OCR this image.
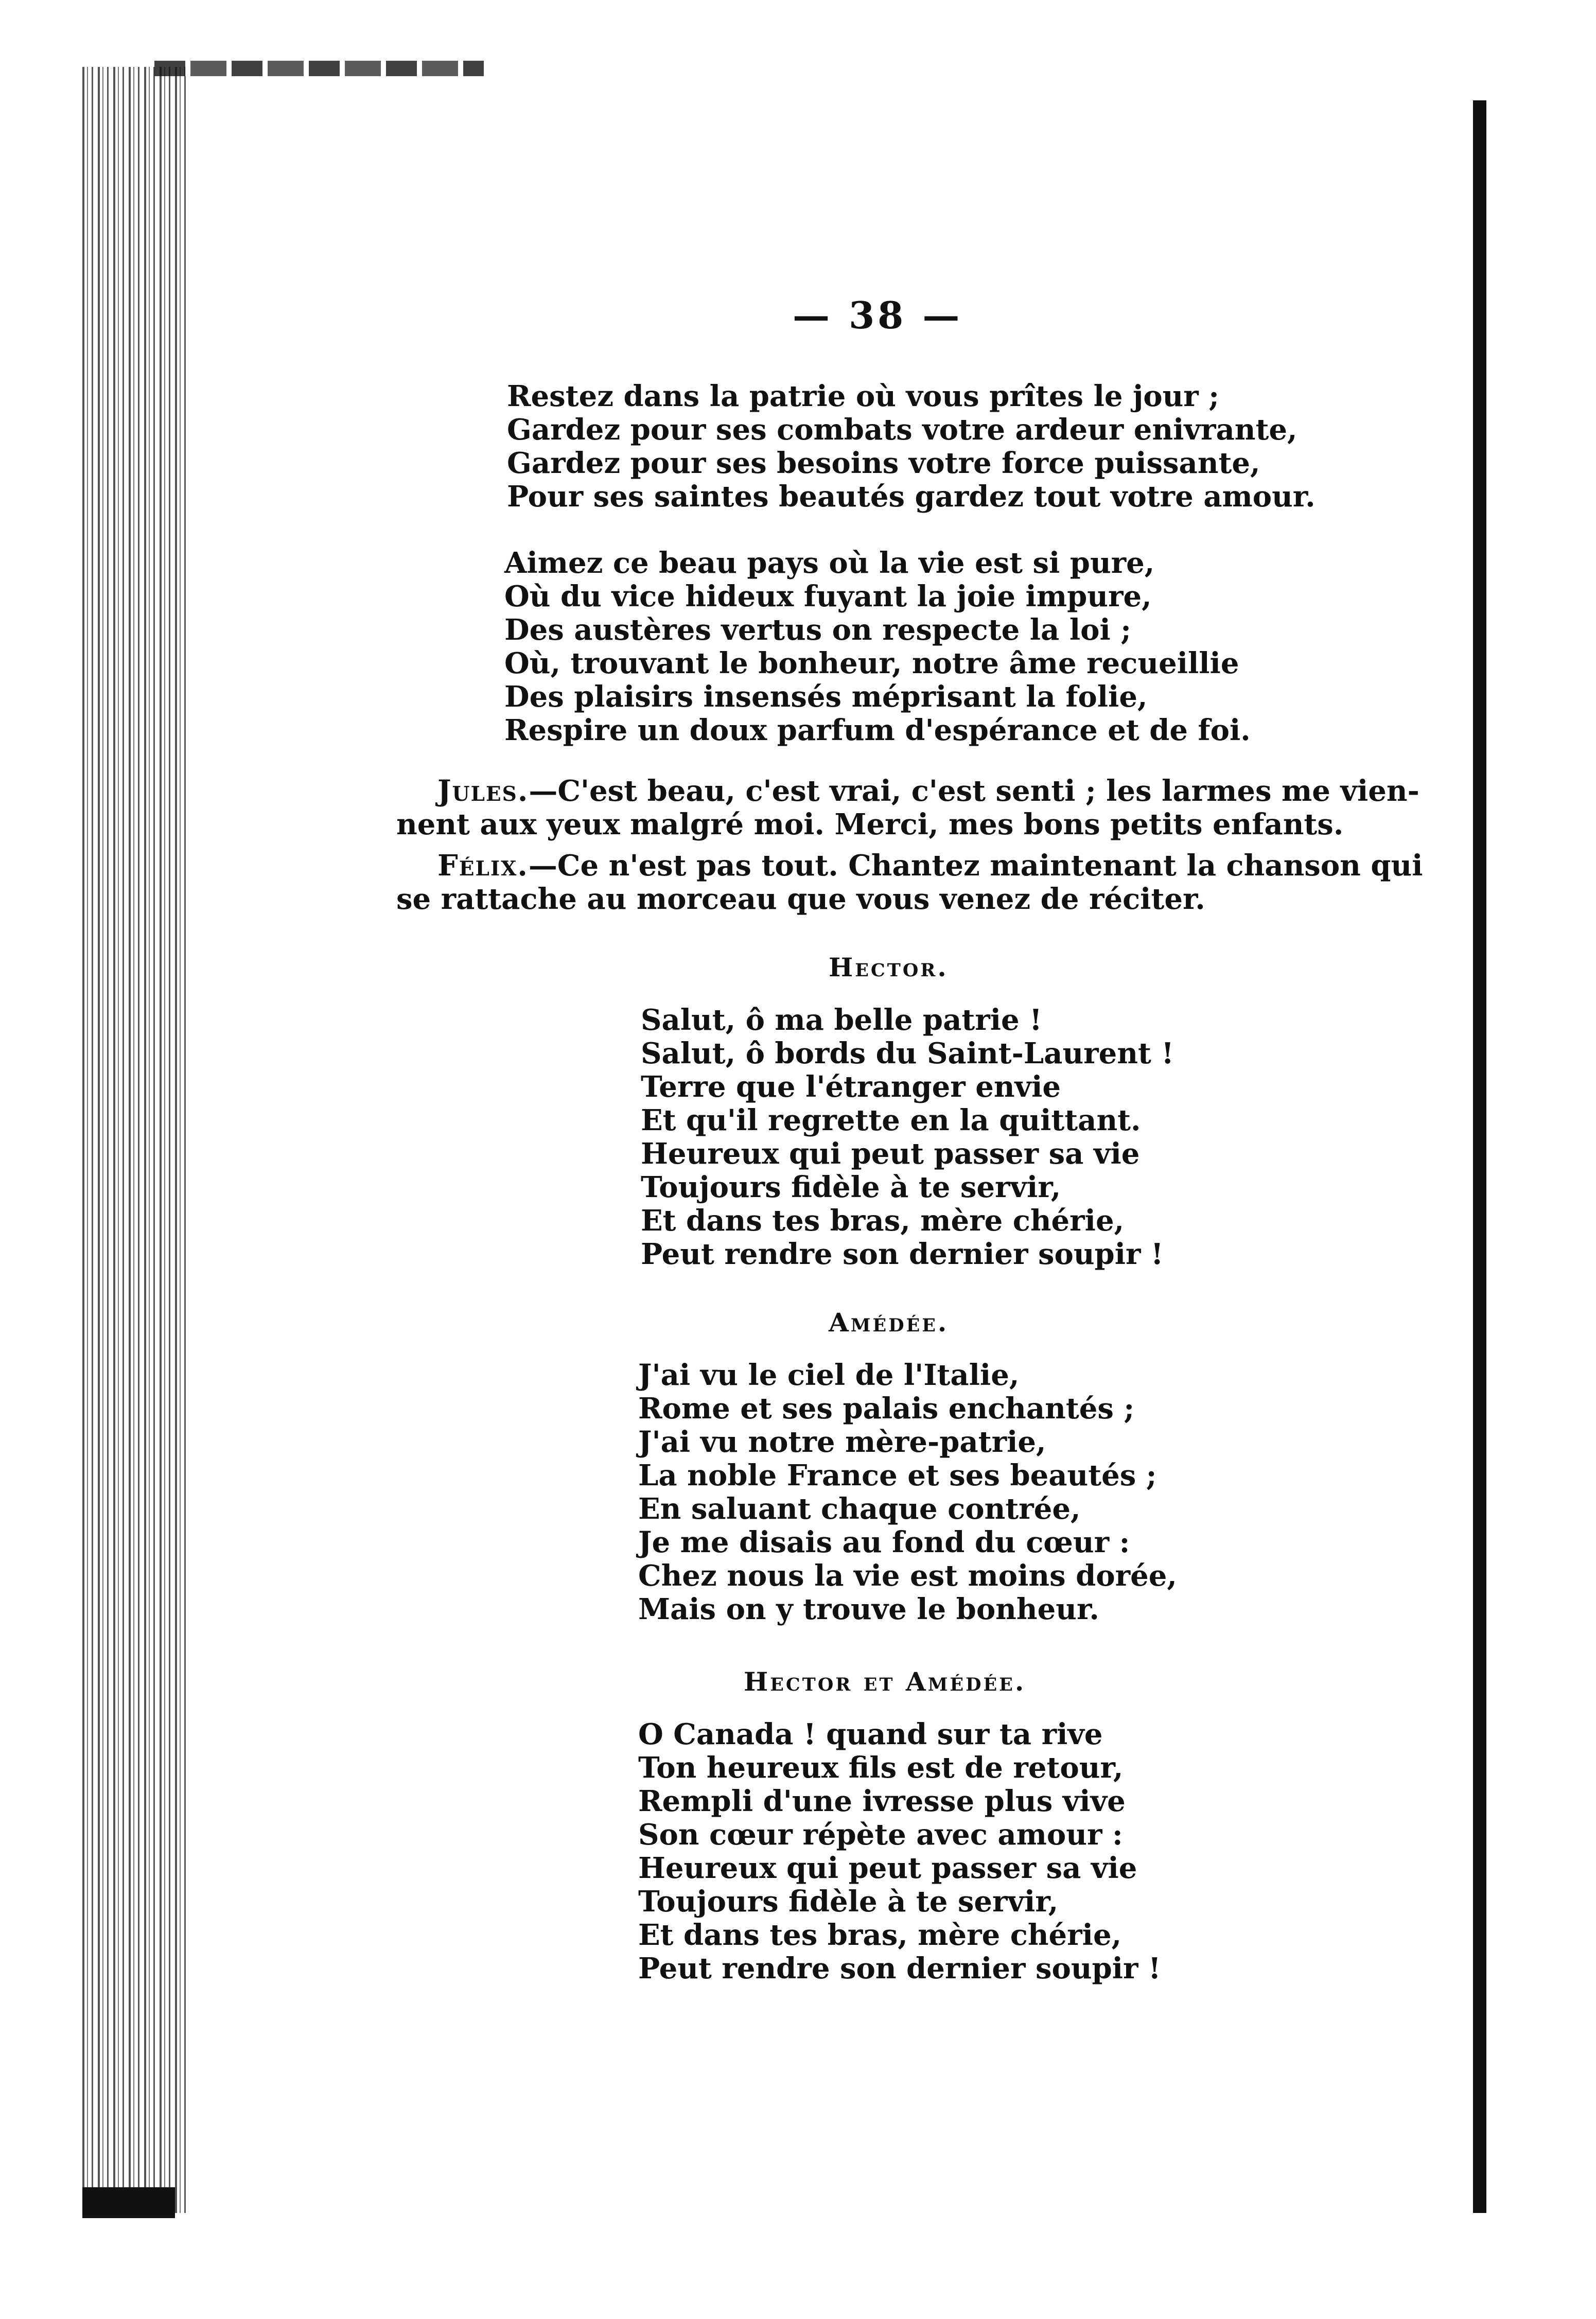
— 38 —
Restez dans la patrie où vous prîtes le jour ;
Gardez pour ses combats votre ardeur enivrante,
Gardez pour ses besoins votre force puissante,
Pour ses saintes beautés gardez tout votre amour.
Aimez ce beau pays où la vie est si pure,
Où du vice hideux fuyant la joie impure,
Des austères vertus on respecte la loi ;
Où, trouvant le bonheur, notre âme recueillie
Des plaisirs insensés méprisant la folie,
Respire un doux parfum d'espérance et de foi.
Jules.—C'est beau, c'est vrai, c'est senti ; les larmes me vien-
nent aux yeux malgré moi. Merci, mes bons petits enfants.
Félix.—Ce n'est pas tout. Chantez maintenant la chanson qui
se rattache au morceau que vous venez de réciter.
Hector.
Salut, ô ma belle patrie !
Salut, ô bords du Saint-Laurent !
Terre que l'étranger envie
Et qu'il regrette en la quittant.
Heureux qui peut passer sa vie
Toujours fidèle à te servir,
Et dans tes bras, mère chérie,
Peut rendre son dernier soupir !
Amédée.
J'ai vu le ciel de l'Italie,
Rome et ses palais enchantés ;
J'ai vu notre mère-patrie,
La noble France et ses beautés ;
En saluant chaque contrée,
Je me disais au fond du cœur :
Chez nous la vie est moins dorée,
Mais on y trouve le bonheur.
Hector et Amédée.
O Canada ! quand sur ta rive
Ton heureux fils est de retour,
Rempli d'une ivresse plus vive
Son cœur répète avec amour :
Heureux qui peut passer sa vie
Toujours fidèle à te servir,
Et dans tes bras, mère chérie,
Peut rendre son dernier soupir !
